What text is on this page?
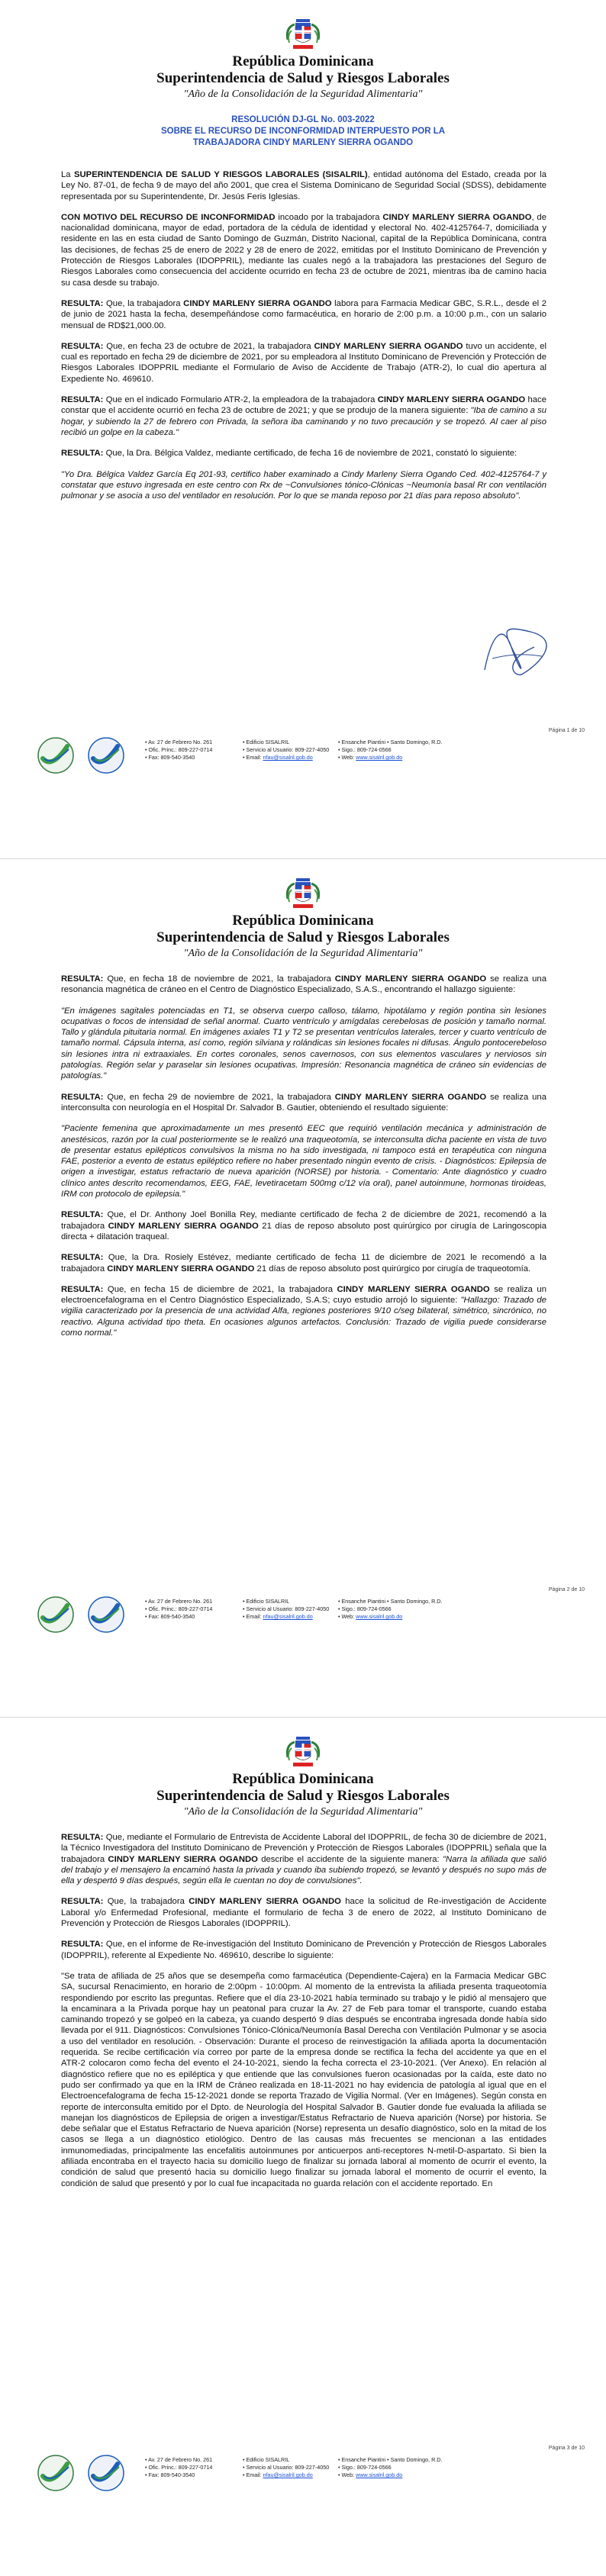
República Dominicana
Superintendencia de Salud y Riesgos Laborales
"Año de la Consolidación de la Seguridad Alimentaria"
RESOLUCIÓN DJ-GL No. 003-2022
SOBRE EL RECURSO DE INCONFORMIDAD INTERPUESTO POR LA
TRABAJADORA CINDY MARLENY SIERRA OGANDO

La SUPERINTENDENCIA DE SALUD Y RIESGOS LABORALES (SISALRIL), entidad autónoma del Estado, creada por la Ley No. 87-01, de fecha 9 de mayo del año 2001, que crea el Sistema Dominicano de Seguridad Social (SDSS), debidamente representada por su Superintendente, Dr. Jesús Feris Iglesias.

CON MOTIVO DEL RECURSO DE INCONFORMIDAD incoado por la trabajadora CINDY MARLENY SIERRA OGANDO, de nacionalidad dominicana, mayor de edad, portadora de la cédula de identidad y electoral No. 402-4125764-7, domiciliada y residente en las en esta ciudad de Santo Domingo de Guzmán, Distrito Nacional, capital de la República Dominicana, contra las decisiones, de fechas 25 de enero de 2022 y 28 de enero de 2022, emitidas por el Instituto Dominicano de Prevención y Protección de Riesgos Laborales (IDOPPRIL), mediante las cuales negó a la trabajadora las prestaciones del Seguro de Riesgos Laborales como consecuencia del accidente ocurrido en fecha 23 de octubre de 2021, mientras iba de camino hacia su casa desde su trabajo.

RESULTA: Que, la trabajadora CINDY MARLENY SIERRA OGANDO labora para Farmacia Medicar GBC, S.R.L., desde el 2 de junio de 2021 hasta la fecha, desempeñándose como farmacéutica, en horario de 2:00 p.m. a 10:00 p.m., con un salario mensual de RD$21,000.00.

RESULTA: Que, en fecha 23 de octubre de 2021, la trabajadora CINDY MARLENY SIERRA OGANDO tuvo un accidente, el cual es reportado en fecha 29 de diciembre de 2021, por su empleadora al Instituto Dominicano de Prevención y Protección de Riesgos Laborales IDOPPRIL mediante el Formulario de Aviso de Accidente de Trabajo (ATR-2), lo cual dio apertura al Expediente No. 469610.

RESULTA: Que en el indicado Formulario ATR-2, la empleadora de la trabajadora CINDY MARLENY SIERRA OGANDO hace constar que el accidente ocurrió en fecha 23 de octubre de 2021; y que se produjo de la manera siguiente: "Iba de camino a su hogar, y subiendo la 27 de febrero con Privada, la señora iba caminando y no tuvo precaución y se tropezó. Al caer al piso recibió un golpe en la cabeza."

RESULTA: Que, la Dra. Bélgica Valdez, mediante certificado, de fecha 16 de noviembre de 2021, constató lo siguiente:

"Yo Dra. Bélgica Valdez García Eq 201-93, certifico haber examinado a Cindy Marleny Sierra Ogando Ced. 402-4125764-7 y constatar que estuvo ingresada en este centro con Rx de ~Convulsiones tónico-Clónicas ~Neumonía basal Rr con ventilación pulmonar y se asocia a uso del ventilador en resolución. Por lo que se manda reposo por 21 días para reposo absoluto".

Página 1 de 10
• Av. 27 de Febrero No. 261
• Ofic. Princ.: 809-227-0714
• Fax: 809-540-3540
• Edificio SISALRIL
• Servicio al Usuario: 809-227-4050
• Email: nfau@sisalril.gob.do
• Ensanche Piantini • Santo Domingo, R.D.
• Sigo.: 809-724-0566
• Web: www.sisalril.gob.do
República Dominicana
Superintendencia de Salud y Riesgos Laborales
"Año de la Consolidación de la Seguridad Alimentaria"

RESULTA: Que, en fecha 18 de noviembre de 2021, la trabajadora CINDY MARLENY SIERRA OGANDO se realiza una resonancia magnética de cráneo en el Centro de Diagnóstico Especializado, S.A.S., encontrando el hallazgo siguiente:

"En imágenes sagitales potenciadas en T1, se observa cuerpo calloso, tálamo, hipotálamo y región pontina sin lesiones ocupativas o focos de intensidad de señal anormal. Cuarto ventrículo y amígdalas cerebelosas de posición y tamaño normal. Tallo y glándula pituitaria normal. En imágenes axiales T1 y T2 se presentan ventrículos laterales, tercer y cuarto ventrículo de tamaño normal. Cápsula interna, así como, región silviana y rolándicas sin lesiones focales ni difusas. Ángulo pontocerebeloso sin lesiones intra ni extraaxiales. En cortes coronales, senos cavernosos, con sus elementos vasculares y nerviosos sin patologías. Región selar y paraselar sin lesiones ocupativas. Impresión: Resonancia magnética de cráneo sin evidencias de patologías."

RESULTA: Que, en fecha 29 de noviembre de 2021, la trabajadora CINDY MARLENY SIERRA OGANDO se realiza una interconsulta con neurología en el Hospital Dr. Salvador B. Gautier, obteniendo el resultado siguiente:

"Paciente femenina que aproximadamente un mes presentó EEC que requirió ventilación mecánica y administración de anestésicos, razón por la cual posteriormente se le realizó una traqueotomía, se interconsulta dicha paciente en vista de tuvo de presentar estatus epilépticos convulsivos la misma no ha sido investigada, ni tampoco está en terapéutica con ninguna FAE, posterior a evento de estatus epiléptico refiere no haber presentado ningún evento de crisis. - Diagnósticos: Epilepsia de origen a investigar, estatus refractario de nueva aparición (NORSE) por historia. - Comentario: Ante diagnóstico y cuadro clínico antes descrito recomendamos, EEG, FAE, levetiracetam 500mg c/12 vía oral), panel autoinmune, hormonas tiroideas, IRM con protocolo de epilepsia."

RESULTA: Que, el Dr. Anthony Joel Bonilla Rey, mediante certificado de fecha 2 de diciembre de 2021, recomendó a la trabajadora CINDY MARLENY SIERRA OGANDO 21 días de reposo absoluto post quirúrgico por cirugía de Laringoscopia directa + dilatación traqueal.

RESULTA: Que, la Dra. Rosiely Estévez, mediante certificado de fecha 11 de diciembre de 2021 le recomendó a la trabajadora CINDY MARLENY SIERRA OGANDO 21 días de reposo absoluto post quirúrgico por cirugía de traqueotomía.

RESULTA: Que, en fecha 15 de diciembre de 2021, la trabajadora CINDY MARLENY SIERRA OGANDO se realiza un electroencefalograma en el Centro Diagnóstico Especializado, S.A.S; cuyo estudio arrojó lo siguiente: "Hallazgo: Trazado de vigilia caracterizado por la presencia de una actividad Alfa, regiones posteriores 9/10 c/seg bilateral, simétrico, sincrónico, no reactivo. Alguna actividad tipo theta. En ocasiones algunos artefactos. Conclusión: Trazado de vigilia puede considerarse como normal."

Página 2 de 10
• Av. 27 de Febrero No. 261
• Ofic. Princ.: 809-227-0714
• Fax: 809-540-3540
• Edificio SISALRIL
• Servicio al Usuario: 809-227-4050
• Email: nfau@sisalril.gob.do
• Ensanche Piantini • Santo Domingo, R.D.
• Sigo.: 809-724-0566
• Web: www.sisalril.gob.do
República Dominicana
Superintendencia de Salud y Riesgos Laborales
"Año de la Consolidación de la Seguridad Alimentaria"

RESULTA: Que, mediante el Formulario de Entrevista de Accidente Laboral del IDOPPRIL, de fecha 30 de diciembre de 2021, la Técnico Investigadora del Instituto Dominicano de Prevención y Protección de Riesgos Laborales (IDOPPRIL) señala que la trabajadora CINDY MARLENY SIERRA OGANDO describe el accidente de la siguiente manera: "Narra la afiliada que salió del trabajo y el mensajero la encaminó hasta la privada y cuando iba subiendo tropezó, se levantó y después no supo más de ella y despertó 9 días después, según ella le cuentan no doy de convulsiones".

RESULTA: Que, la trabajadora CINDY MARLENY SIERRA OGANDO hace la solicitud de Re-investigación de Accidente Laboral y/o Enfermedad Profesional, mediante el formulario de fecha 3 de enero de 2022, al Instituto Dominicano de Prevención y Protección de Riesgos Laborales (IDOPPRIL).

RESULTA: Que, en el informe de Re-investigación del Instituto Dominicano de Prevención y Protección de Riesgos Laborales (IDOPPRIL), referente al Expediente No. 469610, describe lo siguiente:

"Se trata de afiliada de 25 años que se desempeña como farmacéutica (Dependiente-Cajera) en la Farmacia Medicar GBC SA, sucursal Renacimiento, en horario de 2:00pm - 10:00pm. Al momento de la entrevista la afiliada presenta traqueotomía respondiendo por escrito las preguntas. Refiere que el día 23-10-2021 había terminado su trabajo y le pidió al mensajero que la encaminara a la Privada porque hay un peatonal para cruzar la Av. 27 de Feb para tomar el transporte, cuando estaba caminando tropezó y se golpeó en la cabeza, ya cuando despertó 9 días después se encontraba ingresada donde había sido llevada por el 911. Diagnósticos: Convulsiones Tónico-Clónica/Neumonía Basal Derecha con Ventilación Pulmonar y se asocia a uso del ventilador en resolución. - Observación: Durante el proceso de reinvestigación la afiliada aporta la documentación requerida. Se recibe certificación vía correo por parte de la empresa donde se rectifica la fecha del accidente ya que en el ATR-2 colocaron como fecha del evento el 24-10-2021, siendo la fecha correcta el 23-10-2021. (Ver Anexo). En relación al diagnóstico refiere que no es epiléptica y que entiende que las convulsiones fueron ocasionadas por la caída, este dato no pudo ser confirmado ya que en la IRM de Cráneo realizada en 18-11-2021 no hay evidencia de patología al igual que en el Electroencefalograma de fecha 15-12-2021 donde se reporta Trazado de Vigilia Normal. (Ver en Imágenes). Según consta en reporte de interconsulta emitido por el Dpto. de Neurología del Hospital Salvador B. Gautier donde fue evaluada la afiliada se manejan los diagnósticos de Epilepsia de origen a investigar/Estatus Refractario de Nueva aparición (Norse) por historia. Se debe señalar que el Estatus Refractario de Nueva aparición (Norse) representa un desafío diagnóstico, solo en la mitad de los casos se llega a un diagnóstico etiológico. Dentro de las causas más frecuentes se mencionan a las entidades inmunomediadas, principalmente las encefalitis autoinmunes por anticuerpos anti-receptores N-metil-D-aspartato. Si bien la afiliada encontraba en el trayecto hacia su domicilio luego de finalizar su jornada laboral al momento de ocurrir el evento, la condición de salud que presentó hacia su domicilio luego finalizar su jornada laboral el momento de ocurrir el evento, la condición de salud que presentó y por lo cual fue incapacitada no guarda relación con el accidente reportado. En

Página 3 de 10
• Av. 27 de Febrero No. 261
• Ofic. Princ.: 809-227-0714
• Fax: 809-540-3540
• Edificio SISALRIL
• Servicio al Usuario: 809-227-4050
• Email: nfau@sisalril.gob.do
• Ensanche Piantini • Santo Domingo, R.D.
• Sigo.: 809-724-0566
• Web: www.sisalril.gob.do
